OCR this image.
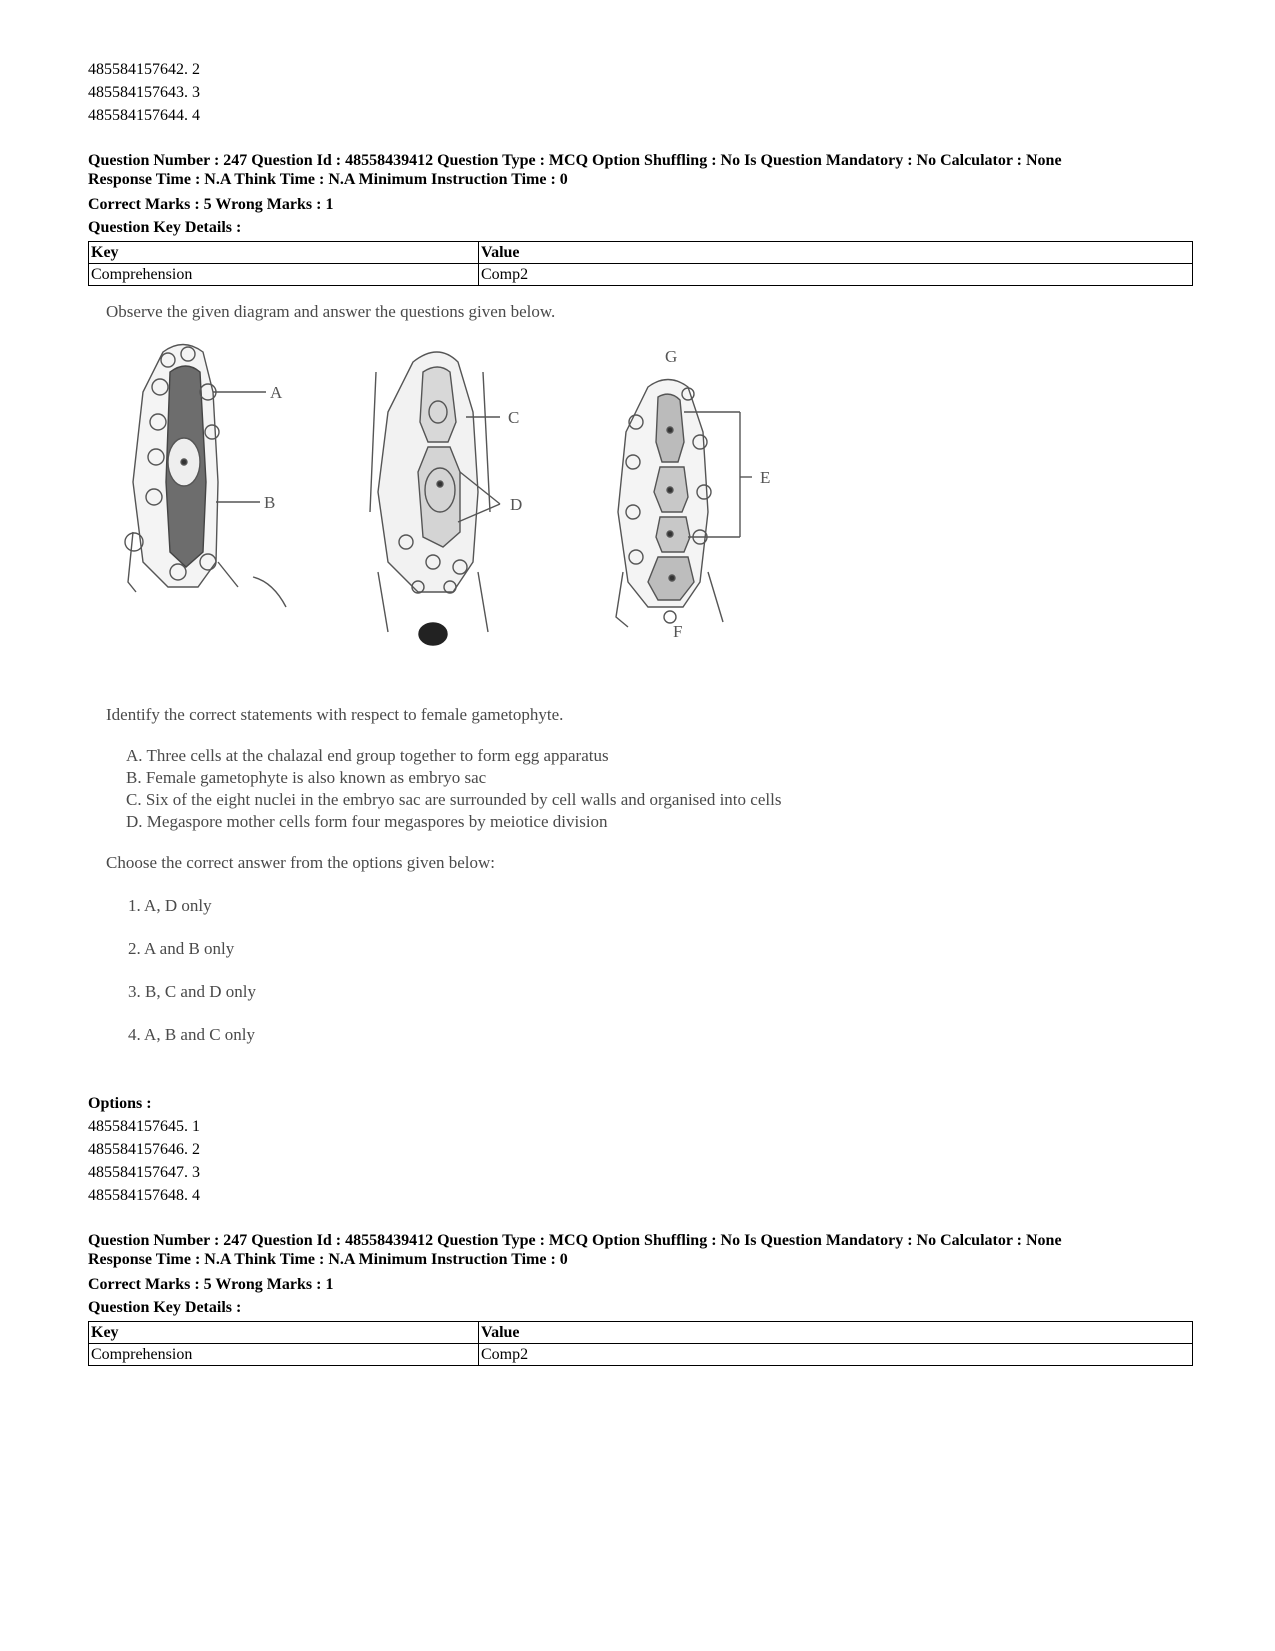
485584157642. 2
485584157643. 3
485584157644. 4
Question Number : 247 Question Id : 48558439412 Question Type : MCQ Option Shuffling : No Is Question Mandatory : No Calculator : None
Response Time : N.A Think Time : N.A Minimum Instruction Time : 0
Correct Marks : 5 Wrong Marks : 1
Question Key Details :
Key	Value
Comprehension	Comp2
Observe the given diagram and answer the questions given below.
A
B
C
D
G
E
F
Identify the correct statements with respect to female gametophyte.
A. Three cells at the chalazal end group together to form egg apparatus
B. Female gametophyte is also known as embryo sac
C. Six of the eight nuclei in the embryo sac are surrounded by cell walls and organised into cells
D. Megaspore mother cells form four megaspores by meiotice division
Choose the correct answer from the options given below:
1. A, D only
2. A and B only
3. B, C and D only
4. A, B and C only
Options :
485584157645. 1
485584157646. 2
485584157647. 3
485584157648. 4
Question Number : 247 Question Id : 48558439412 Question Type : MCQ Option Shuffling : No Is Question Mandatory : No Calculator : None
Response Time : N.A Think Time : N.A Minimum Instruction Time : 0
Correct Marks : 5 Wrong Marks : 1
Question Key Details :
Key	Value
Comprehension	Comp2
